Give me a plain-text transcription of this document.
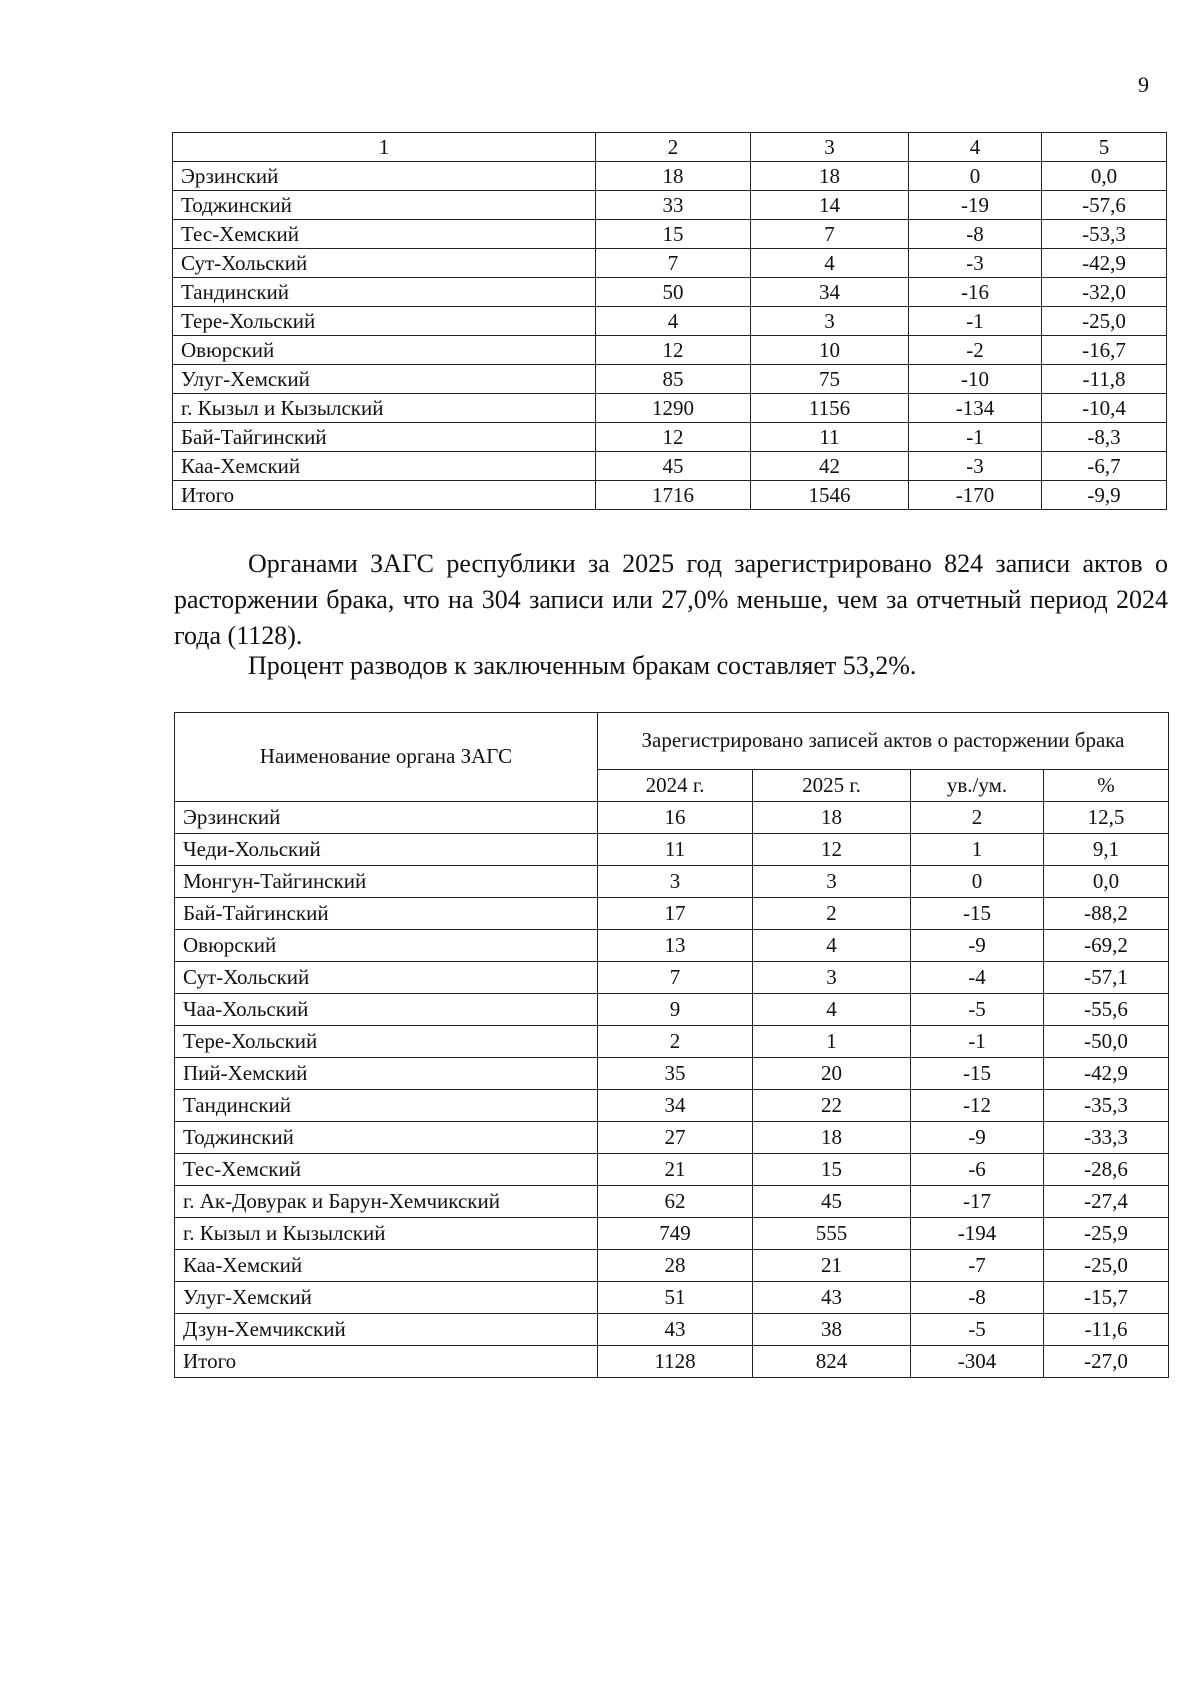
9
1	2	3	4	5
Эрзинский	18	18	0	0,0
Тоджинский	33	14	-19	-57,6
Тес-Хемский	15	7	-8	-53,3
Сут-Хольский	7	4	-3	-42,9
Тандинский	50	34	-16	-32,0
Тере-Хольский	4	3	-1	-25,0
Овюрский	12	10	-2	-16,7
Улуг-Хемский	85	75	-10	-11,8
г. Кызыл и Кызылский	1290	1156	-134	-10,4
Бай-Тайгинский	12	11	-1	-8,3
Каа-Хемский	45	42	-3	-6,7
Итого	1716	1546	-170	-9,9

Органами ЗАГС республики за 2025 год зарегистрировано 824 записи актов о расторжении брака, что на 304 записи или 27,0% меньше, чем за отчетный период 2024 года (1128).

Процент разводов к заключенным бракам составляет 53,2%.

Наименование органа ЗАГС	Зарегистрировано записей актов о расторжении брака			
	2024 г.	2025 г.	ув./ум.	%
Эрзинский	16	18	2	12,5
Чеди-Хольский	11	12	1	9,1
Монгун-Тайгинский	3	3	0	0,0
Бай-Тайгинский	17	2	-15	-88,2
Овюрский	13	4	-9	-69,2
Сут-Хольский	7	3	-4	-57,1
Чаа-Хольский	9	4	-5	-55,6
Тере-Хольский	2	1	-1	-50,0
Пий-Хемский	35	20	-15	-42,9
Тандинский	34	22	-12	-35,3
Тоджинский	27	18	-9	-33,3
Тес-Хемский	21	15	-6	-28,6
г. Ак-Довурак и Барун-Хемчикский	62	45	-17	-27,4
г. Кызыл и Кызылский	749	555	-194	-25,9
Каа-Хемский	28	21	-7	-25,0
Улуг-Хемский	51	43	-8	-15,7
Дзун-Хемчикский	43	38	-5	-11,6
Итого	1128	824	-304	-27,0
